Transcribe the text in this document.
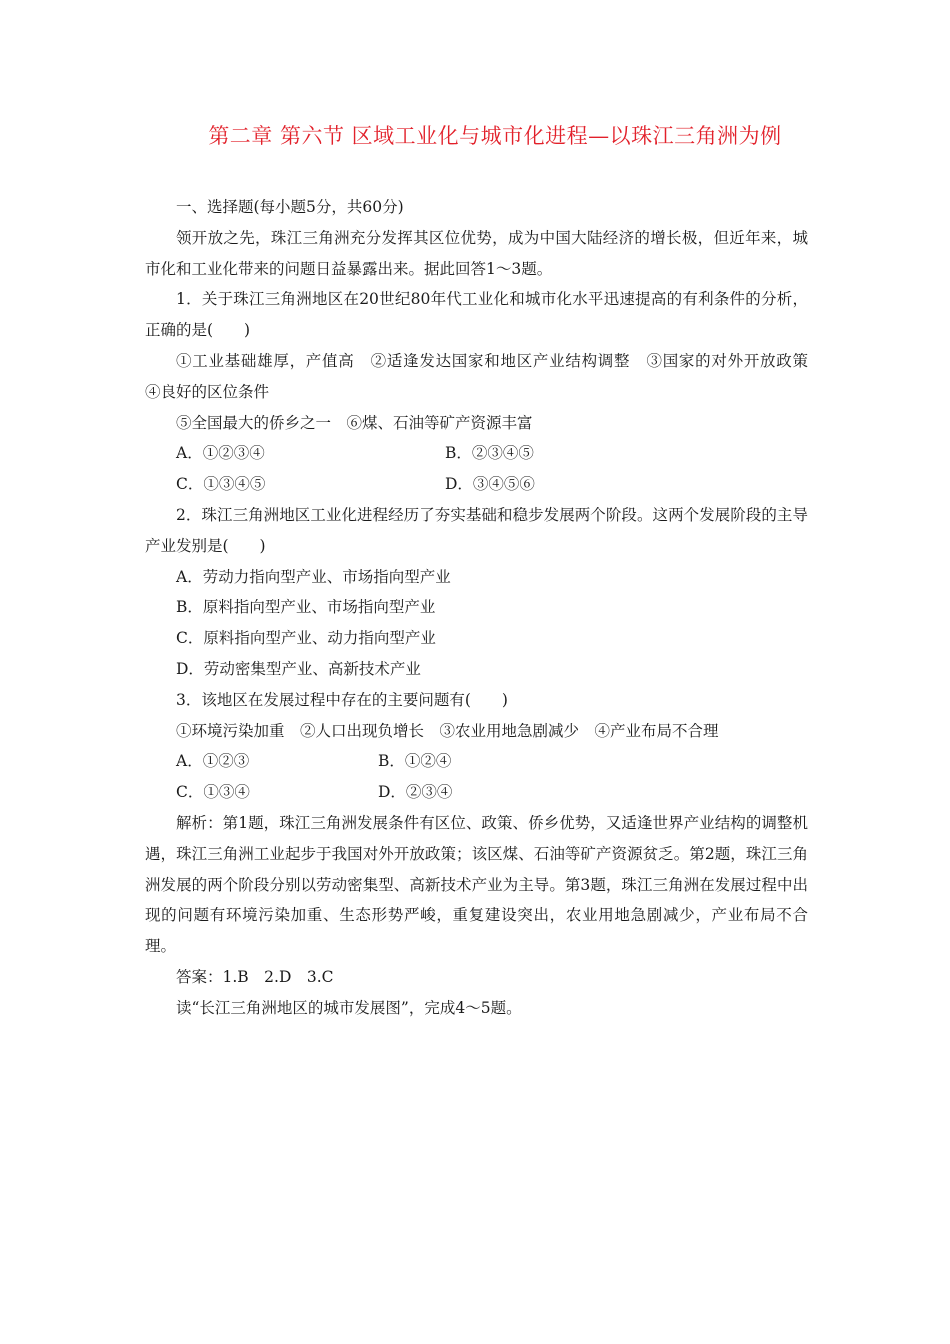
第二章 第六节 区域工业化与城市化进程—以珠江三角洲为例

一、选择题(每小题5分，共60分)

领开放之先，珠江三角洲充分发挥其区位优势，成为中国大陆经济的增长极，但近年来，城市化和工业化带来的问题日益暴露出来。据此回答1～3题。

1．关于珠江三角洲地区在20世纪80年代工业化和城市化水平迅速提高的有利条件的分析，正确的是(　　)

①工业基础雄厚，产值高　②适逢发达国家和地区产业结构调整　③国家的对外开放政策　④良好的区位条件

⑤全国最大的侨乡之一　⑥煤、石油等矿产资源丰富

A．①②③④	B．②③④⑤
C．①③④⑤	D．③④⑤⑥

2．珠江三角洲地区工业化进程经历了夯实基础和稳步发展两个阶段。这两个发展阶段的主导产业发别是(　　)

A．劳动力指向型产业、市场指向型产业

B．原料指向型产业、市场指向型产业

C．原料指向型产业、动力指向型产业

D．劳动密集型产业、高新技术产业

3．该地区在发展过程中存在的主要问题有(　　)

①环境污染加重　②人口出现负增长　③农业用地急剧减少　④产业布局不合理

A．①②③	B．①②④
C．①③④	D．②③④

解析：第1题，珠江三角洲发展条件有区位、政策、侨乡优势，又适逢世界产业结构的调整机遇，珠江三角洲工业起步于我国对外开放政策；该区煤、石油等矿产资源贫乏。第2题，珠江三角洲发展的两个阶段分别以劳动密集型、高新技术产业为主导。第3题，珠江三角洲在发展过程中出现的问题有环境污染加重、生态形势严峻，重复建设突出，农业用地急剧减少，产业布局不合理。

答案：1.B　2.D　3.C

读“长江三角洲地区的城市发展图”，完成4～5题。
